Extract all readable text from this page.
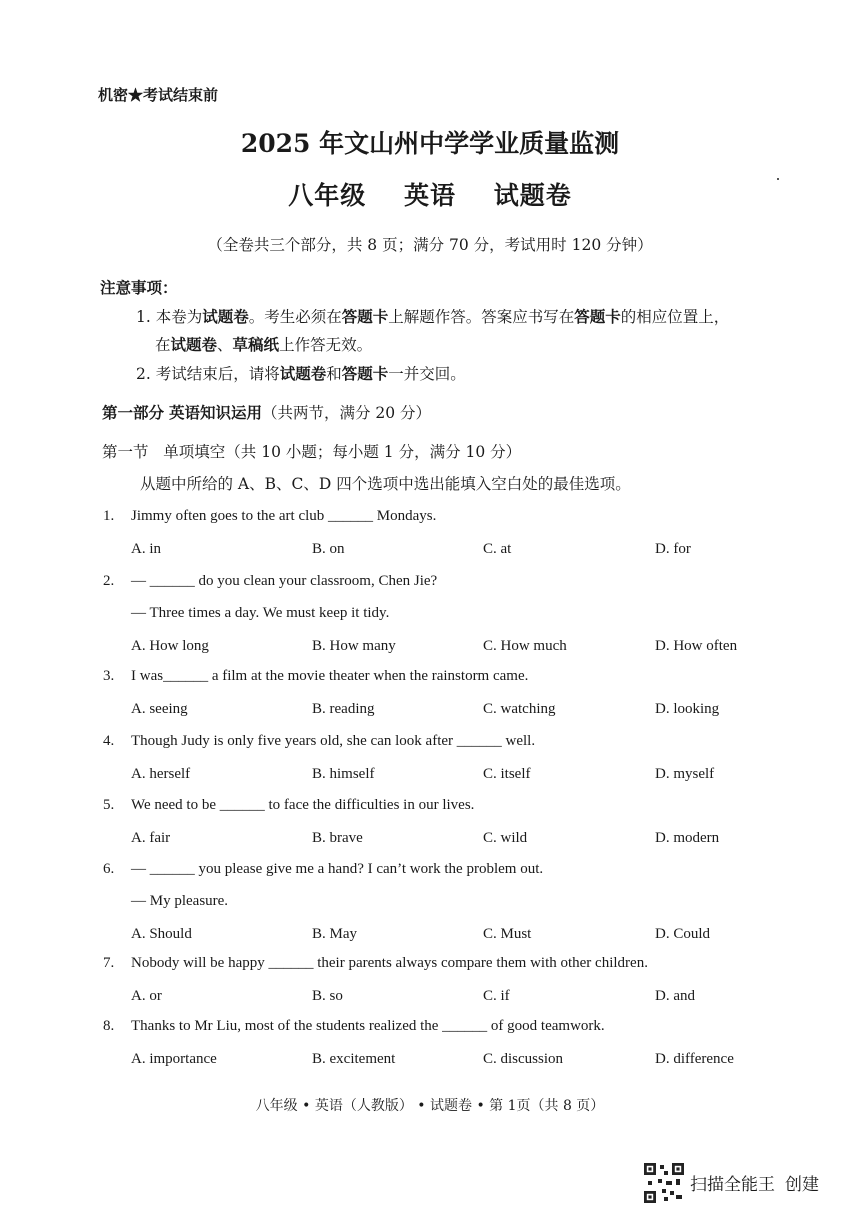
机密★考试结束前
2025 年文山州中学学业质量监测
八年级 英语 试题卷
（全卷共三个部分，共 8 页；满分 70 分，考试用时 120 分钟）
注意事项：
1. 本卷为试题卷。考生必须在答题卡上解题作答。答案应书写在答题卡的相应位置上，
在试题卷、草稿纸上作答无效。
2. 考试结束后，请将试题卷和答题卡一并交回。
第一部分 英语知识运用（共两节，满分 20 分）
第一节 单项填空（共 10 小题；每小题 1 分，满分 10 分）
从题中所给的 A、B、C、D 四个选项中选出能填入空白处的最佳选项。
1. Jimmy often goes to the art club ______ Mondays.
A. in	B. on	C. at	D. for
2. — ______ do you clean your classroom, Chen Jie?
— Three times a day. We must keep it tidy.
A. How long	B. How many	C. How much	D. How often
3. I was______ a film at the movie theater when the rainstorm came.
A. seeing	B. reading	C. watching	D. looking
4. Though Judy is only five years old, she can look after ______ well.
A. herself	B. himself	C. itself	D. myself
5. We need to be ______ to face the difficulties in our lives.
A. fair	B. brave	C. wild	D. modern
6. — ______ you please give me a hand? I can’t work the problem out.
— My pleasure.
A. Should	B. May	C. Must	D. Could
7. Nobody will be happy ______ their parents always compare them with other children.
A. or	B. so	C. if	D. and
8. Thanks to Mr Liu, most of the students realized the ______ of good teamwork.
A. importance	B. excitement	C. discussion	D. difference
八年级 • 英语（人教版） • 试题卷 • 第 1页（共 8 页）
扫描全能王 创建
